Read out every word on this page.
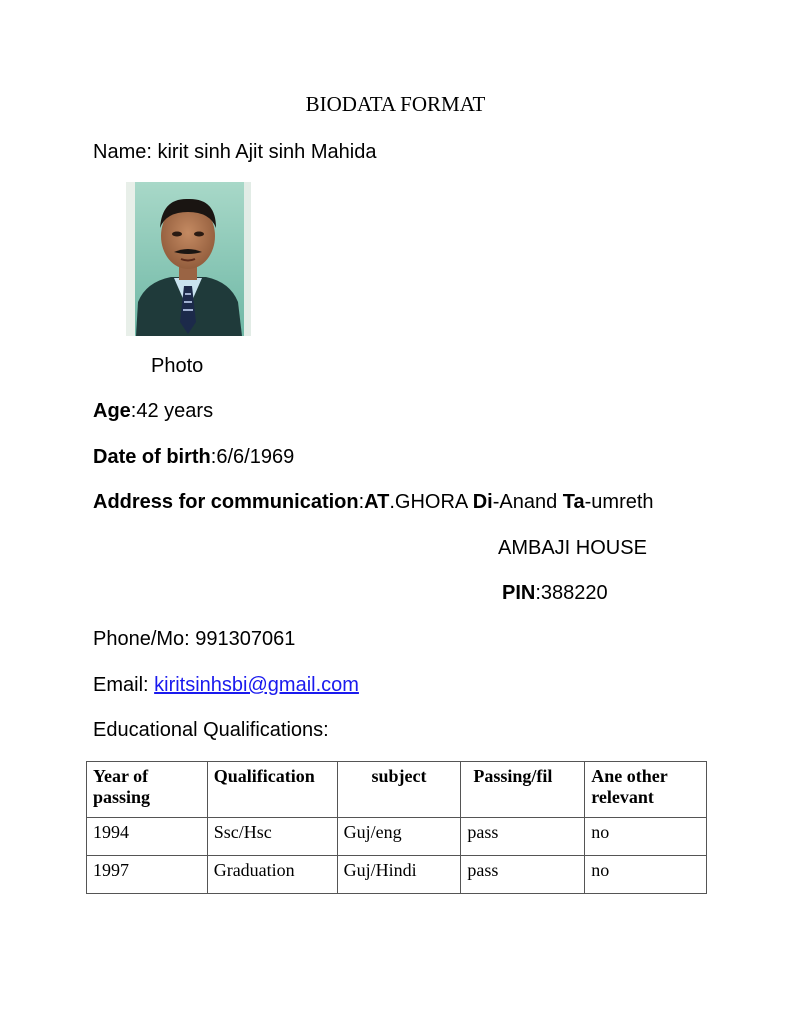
BIODATA FORMAT
Name: kirit sinh Ajit sinh Mahida
Photo
Age:42 years
Date of birth:6/6/1969
Address for communication:AT.GHORA Di-Anand Ta-umreth
AMBAJI HOUSE
PIN:388220
Phone/Mo: 991307061
Email: kiritsinhsbi@gmail.com
Educational Qualifications:
Year of passing	Qualification	subject	Passing/fil	Ane other relevant
1994	Ssc/Hsc	Guj/eng	pass	no
1997	Graduation	Guj/Hindi	pass	no
